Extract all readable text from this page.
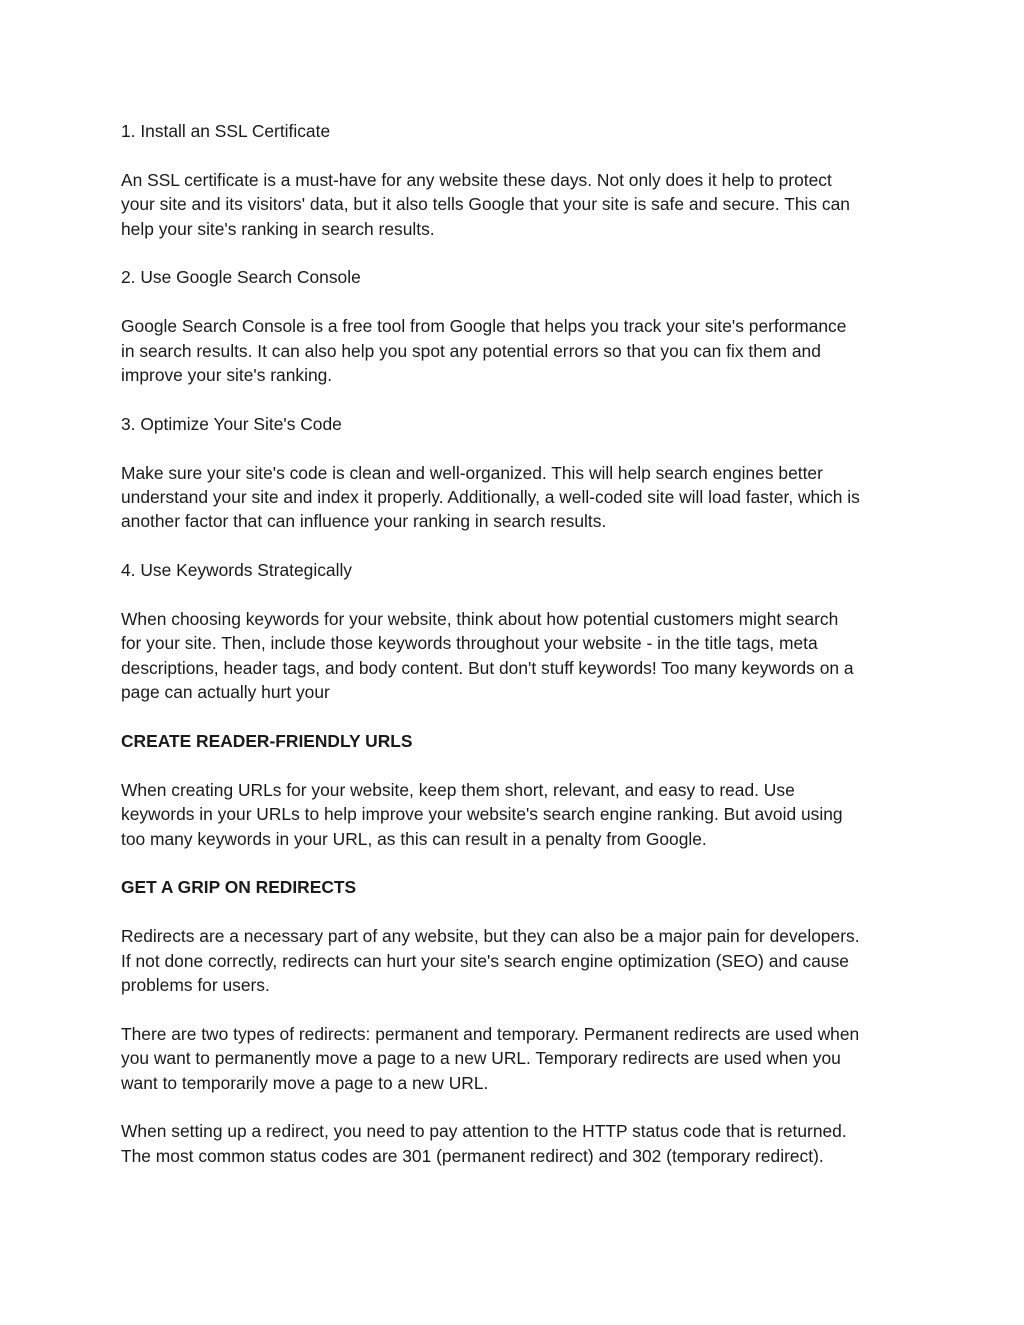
1. Install an SSL Certificate
An SSL certificate is a must-have for any website these days. Not only does it help to protect
your site and its visitors' data, but it also tells Google that your site is safe and secure. This can
help your site's ranking in search results.
2. Use Google Search Console
Google Search Console is a free tool from Google that helps you track your site's performance
in search results. It can also help you spot any potential errors so that you can fix them and
improve your site's ranking.
3. Optimize Your Site's Code
Make sure your site's code is clean and well-organized. This will help search engines better
understand your site and index it properly. Additionally, a well-coded site will load faster, which is
another factor that can influence your ranking in search results.
4. Use Keywords Strategically
When choosing keywords for your website, think about how potential customers might search
for your site. Then, include those keywords throughout your website - in the title tags, meta
descriptions, header tags, and body content. But don't stuff keywords! Too many keywords on a
page can actually hurt your
CREATE READER-FRIENDLY URLS
When creating URLs for your website, keep them short, relevant, and easy to read. Use
keywords in your URLs to help improve your website's search engine ranking. But avoid using
too many keywords in your URL, as this can result in a penalty from Google.
GET A GRIP ON REDIRECTS
Redirects are a necessary part of any website, but they can also be a major pain for developers.
If not done correctly, redirects can hurt your site's search engine optimization (SEO) and cause
problems for users.
There are two types of redirects: permanent and temporary. Permanent redirects are used when
you want to permanently move a page to a new URL. Temporary redirects are used when you
want to temporarily move a page to a new URL.
When setting up a redirect, you need to pay attention to the HTTP status code that is returned.
The most common status codes are 301 (permanent redirect) and 302 (temporary redirect).
